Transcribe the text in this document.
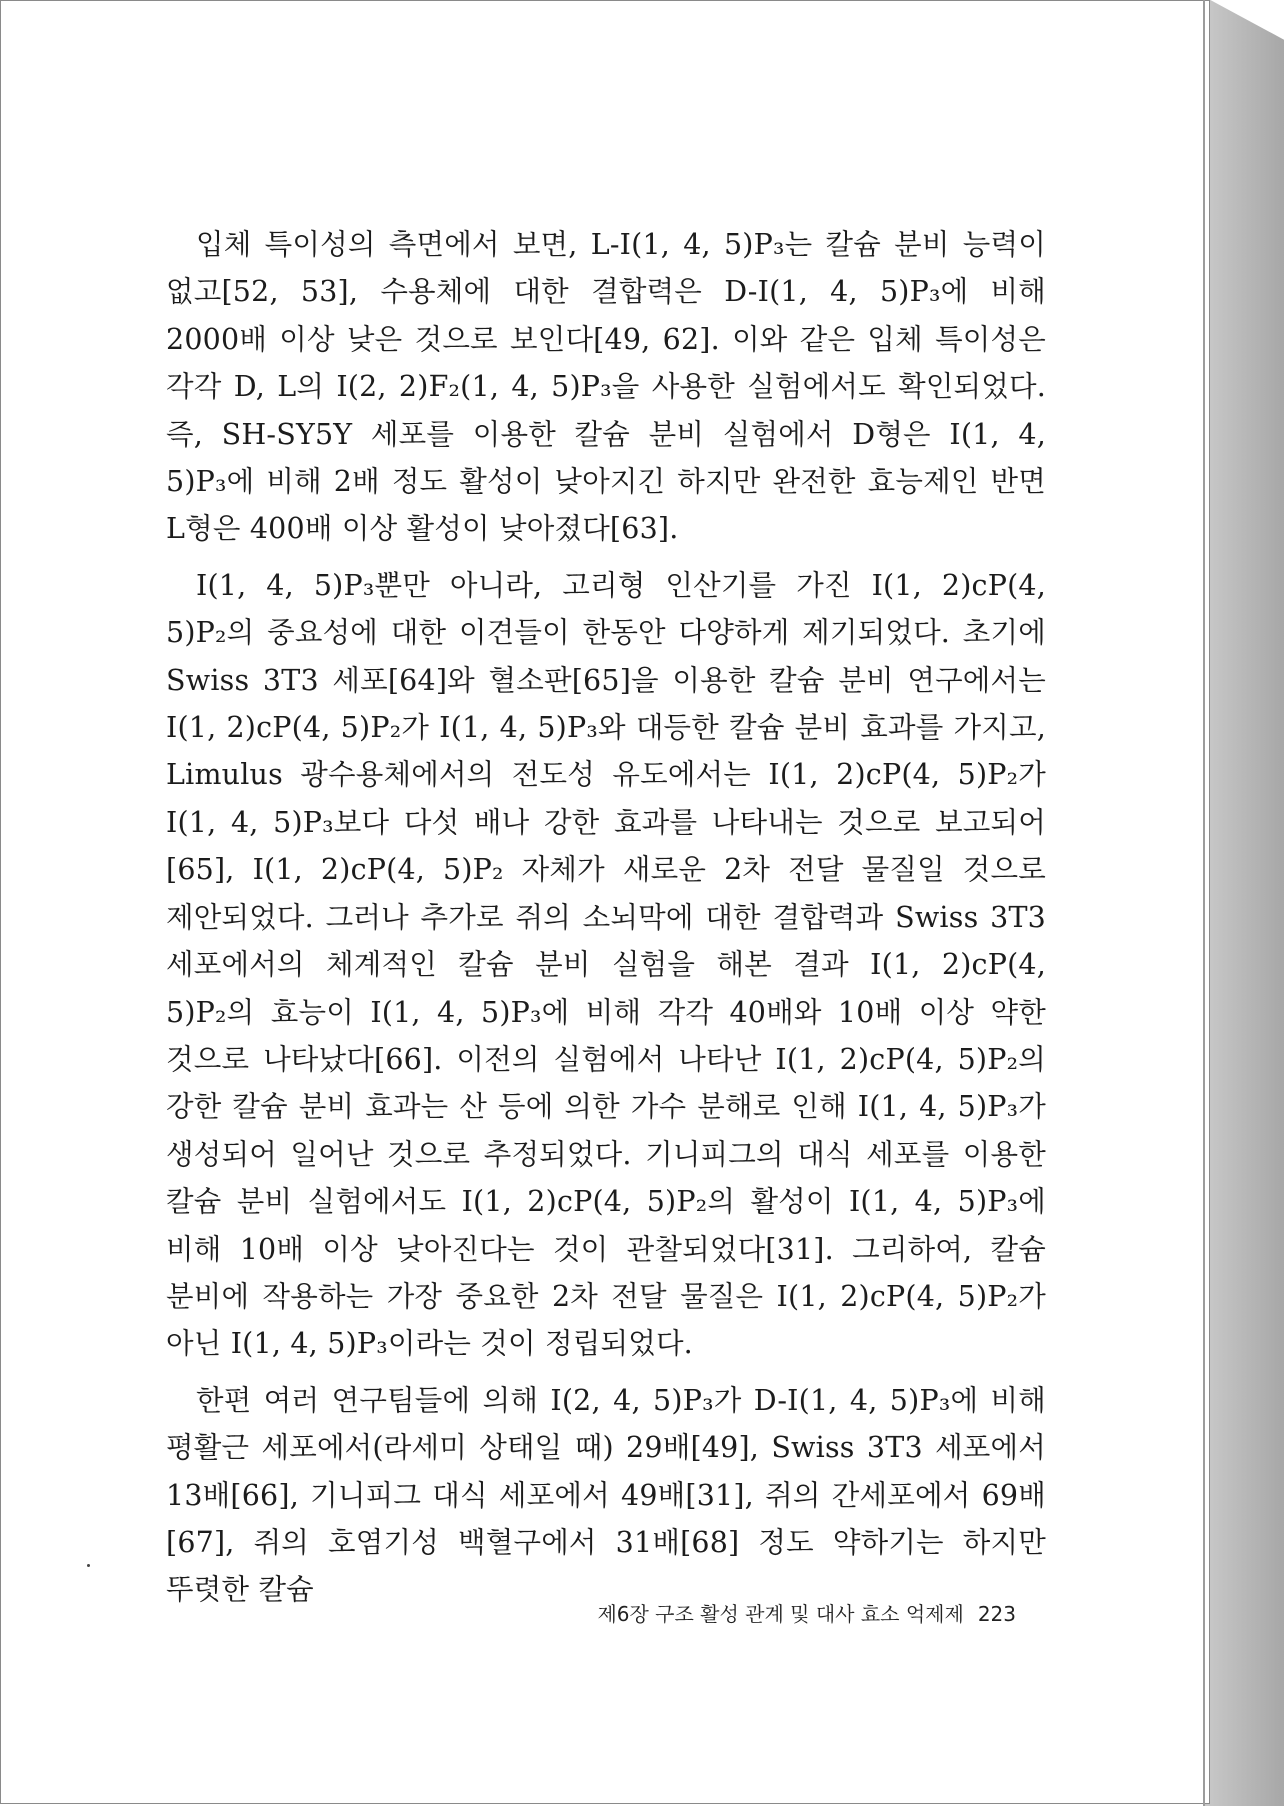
입체 특이성의 측면에서 보면, L-I(1, 4, 5)P₃는 칼슘 분비 능력이 없고[52, 53], 수용체에 대한 결합력은 D-I(1, 4, 5)P₃에 비해 2000배 이상 낮은 것으로 보인다[49, 62]. 이와 같은 입체 특이성은 각각 D, L의 I(2, 2)F₂(1, 4, 5)P₃을 사용한 실험에서도 확인되었다. 즉, SH-SY5Y 세포를 이용한 칼슘 분비 실험에서 D형은 I(1, 4, 5)P₃에 비해 2배 정도 활성이 낮아지긴 하지만 완전한 효능제인 반면 L형은 400배 이상 활성이 낮아졌다[63].

I(1, 4, 5)P₃뿐만 아니라, 고리형 인산기를 가진 I(1, 2)cP(4, 5)P₂의 중요성에 대한 이견들이 한동안 다양하게 제기되었다. 초기에 Swiss 3T3 세포[64]와 혈소판[65]을 이용한 칼슘 분비 연구에서는 I(1, 2)cP(4, 5)P₂가 I(1, 4, 5)P₃와 대등한 칼슘 분비 효과를 가지고, Limulus 광수용체에서의 전도성 유도에서는 I(1, 2)cP(4, 5)P₂가 I(1, 4, 5)P₃보다 다섯 배나 강한 효과를 나타내는 것으로 보고되어[65], I(1, 2)cP(4, 5)P₂ 자체가 새로운 2차 전달 물질일 것으로 제안되었다. 그러나 추가로 쥐의 소뇌막에 대한 결합력과 Swiss 3T3 세포에서의 체계적인 칼슘 분비 실험을 해본 결과 I(1, 2)cP(4, 5)P₂의 효능이 I(1, 4, 5)P₃에 비해 각각 40배와 10배 이상 약한 것으로 나타났다[66]. 이전의 실험에서 나타난 I(1, 2)cP(4, 5)P₂의 강한 칼슘 분비 효과는 산 등에 의한 가수 분해로 인해 I(1, 4, 5)P₃가 생성되어 일어난 것으로 추정되었다. 기니피그의 대식 세포를 이용한 칼슘 분비 실험에서도 I(1, 2)cP(4, 5)P₂의 활성이 I(1, 4, 5)P₃에 비해 10배 이상 낮아진다는 것이 관찰되었다[31]. 그리하여, 칼슘 분비에 작용하는 가장 중요한 2차 전달 물질은 I(1, 2)cP(4, 5)P₂가 아닌 I(1, 4, 5)P₃이라는 것이 정립되었다.

한편 여러 연구팀들에 의해 I(2, 4, 5)P₃가 D-I(1, 4, 5)P₃에 비해 평활근 세포에서(라세미 상태일 때) 29배[49], Swiss 3T3 세포에서 13배[66], 기니피그 대식 세포에서 49배[31], 쥐의 간세포에서 69배[67], 쥐의 호염기성 백혈구에서 31배[68] 정도 약하기는 하지만 뚜렷한 칼슘

제6장 구조 활성 관계 및 대사 효소 억제제 223
